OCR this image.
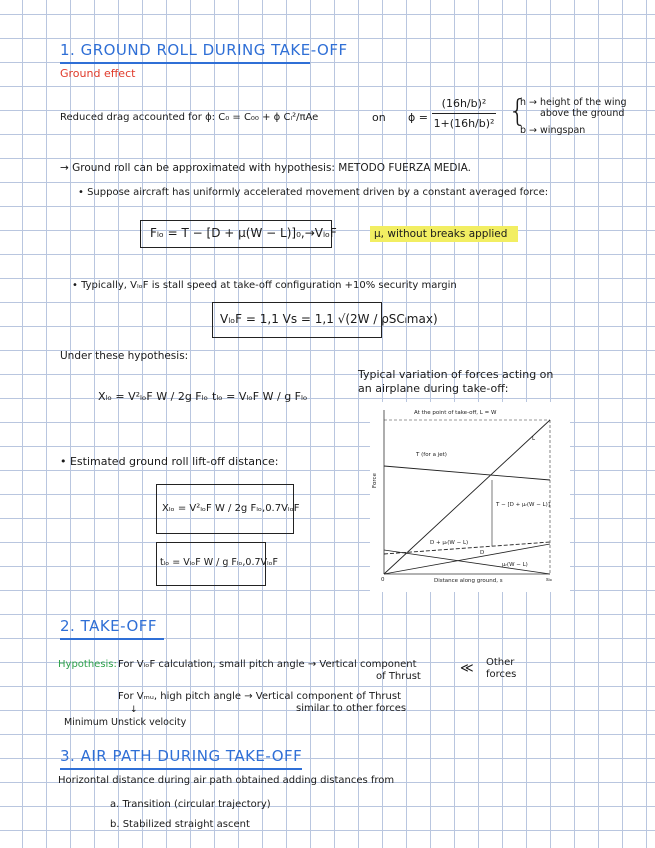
1. GROUND ROLL DURING TAKE-OFF
Ground effect
Reduced drag accounted for ϕ: C₀ = C₀₀ + ϕ Cₗ²/πAe	on ϕ =
(16h/b)²
1+(16h/b)² {
h → height of the wing
above the ground
b → wingspan
→ Ground roll can be approximated with hypothesis: METODO FUERZA MEDIA.
• Suppose aircraft has uniformly accelerated movement driven by a constant averaged force:
Fₗₒ = T − [D + μ(W − L)]₀,→VₗₒF	μ, without breaks applied
• Typically, VₗₒF is stall speed at take-off configuration +10% security margin
VₗₒF = 1,1 Vs = 1,1 √(2W / ρSCₗmax)
Under these hypothesis:
Xₗₒ = V²ₗₒF W / 2g Fₗₒ tₗₒ = VₗₒF W / g Fₗₒ
Typical variation of forces acting on
an airplane during take-off:
At the point of take-off, L = W
T (for a jet)
T − [D + μᵣ(W − L)]
D + μᵣ(W − L)
D
μᵣ(W − L)
L
Force
Distance along ground, s
0	sₗₒ
• Estimated ground roll lift-off distance:
Xₗₒ = V²ₗₒF W / 2g Fₗₒ,0.7VₗₒF
tₗₒ = VₗₒF W / g Fₗₒ,0.7VₗₒF
2. TAKE-OFF
Hypothesis: For VₗₒF calculation, small pitch angle → Vertical component
of Thrust
≪ Other
forces
For Vₘᵤ, high pitch angle → Vertical component of Thrust
similar to other forces
↓
Minimum Unstick velocity
3. AIR PATH DURING TAKE-OFF
Horizontal distance during air path obtained adding distances from
a. Transition (circular trajectory)
b. Stabilized straight ascent
